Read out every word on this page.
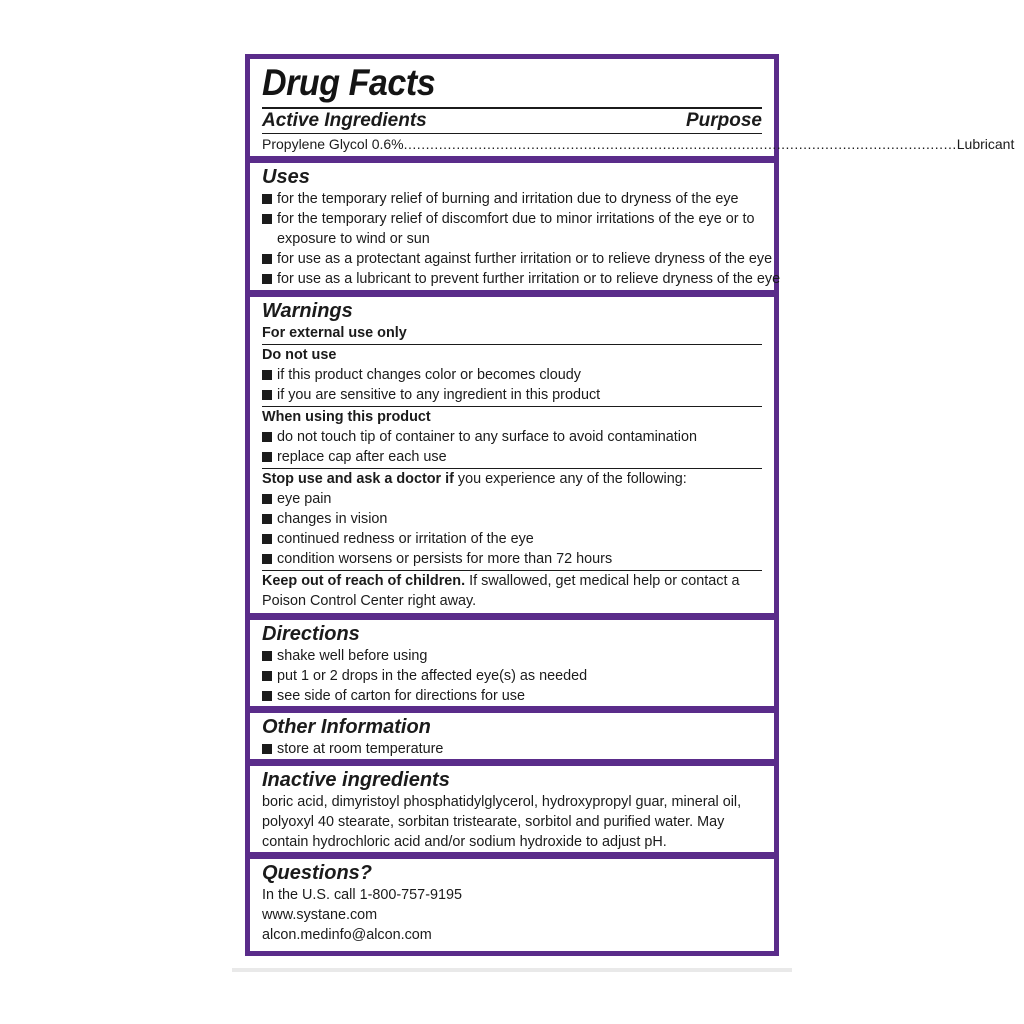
Drug Facts
Active Ingredients	Purpose
Propylene Glycol 0.6% .............................................................................................................................. Lubricant
Uses
for the temporary relief of burning and irritation due to dryness of the eye
for the temporary relief of discomfort due to minor irritations of the eye or to
exposure to wind or sun
for use as a protectant against further irritation or to relieve dryness of the eye
for use as a lubricant to prevent further irritation or to relieve dryness of the eye
Warnings
For external use only
Do not use
if this product changes color or becomes cloudy
if you are sensitive to any ingredient in this product
When using this product
do not touch tip of container to any surface to avoid contamination
replace cap after each use
Stop use and ask a doctor if you experience any of the following:
eye pain
changes in vision
continued redness or irritation of the eye
condition worsens or persists for more than 72 hours
Keep out of reach of children. If swallowed, get medical help or contact a Poison Control Center right away.
Directions
shake well before using
put 1 or 2 drops in the affected eye(s) as needed
see side of carton for directions for use
Other Information
store at room temperature
Inactive ingredients
boric acid, dimyristoyl phosphatidylglycerol, hydroxypropyl guar, mineral oil, polyoxyl 40 stearate, sorbitan tristearate, sorbitol and purified water. May contain hydrochloric acid and/or sodium hydroxide to adjust pH.
Questions?
In the U.S. call 1-800-757-9195
www.systane.com
alcon.medinfo@alcon.com
